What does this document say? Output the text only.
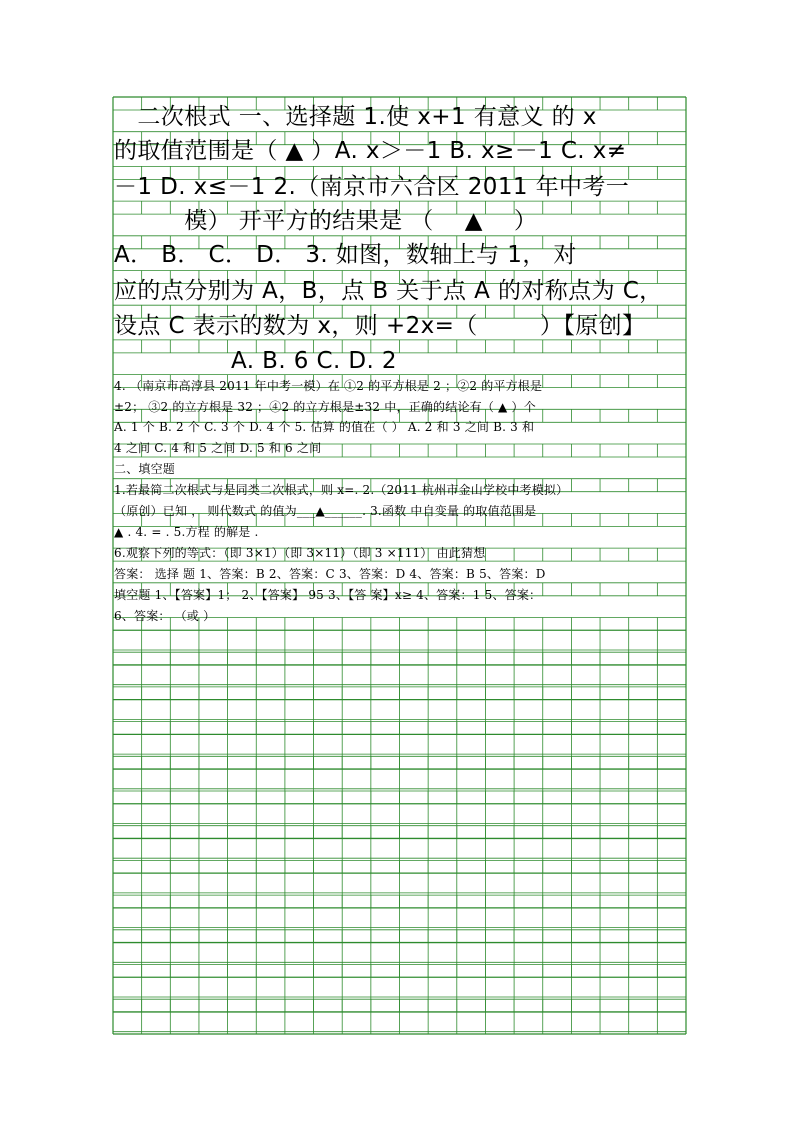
　二次根式 一、选择题 1.使 x+1 有意义 的 x
的取值范围是（ ▲ ）A. x＞－1 B. x≥－1 C. x≠
－1 D. x≤－1 2.（南京市六合区 2011 年中考一
　　　模） 开平方的结果是 （ 　▲ 　）
A． B． C． D． 3. 如图，数轴上与 1， 对
应的点分别为 A，B，点 B 关于点 A 的对称点为 C，
设点 C 表示的数为 x，则 +2x=（ 　 　）【原创】
　　　　　A. B. 6 C. D. 2
4. （南京市高淳县 2011 年中考一模）在 ①2 的平方根是 2 ；②2 的平方根是
±2； ③2 的立方根是 32 ；④2 的立方根是±32 中，正确的结论有（ ▲ ）个
A. 1 个 B. 2 个 C. 3 个 D. 4 个 5. 估算 的值在（ ） A. 2 和 3 之间 B. 3 和
4 之间 C. 4 和 5 之间 D. 5 和 6 之间
二、填空题
1.若最简二次根式与是同类二次根式，则 x=. 2.（2011 杭州市金山学校中考模拟）
（原创）已知 ， 则代数式 的值为___▲______. 3.函数 中自变量 的取值范围是
▲ . 4. = . 5.方程 的解是 .
6.观察下列的等式：（即 3×1）（即 3×11）（即 3 ×111） 由此猜想
答案： 选择 题 1、答案：B 2、答案：C 3、答案：D 4、答案：B 5、答案：D
填空题 1、【答案】1； 2、【答案】 95 3、【答 案】x≥ 4、答案：1 5、答案：
6、答案： （或 ）
